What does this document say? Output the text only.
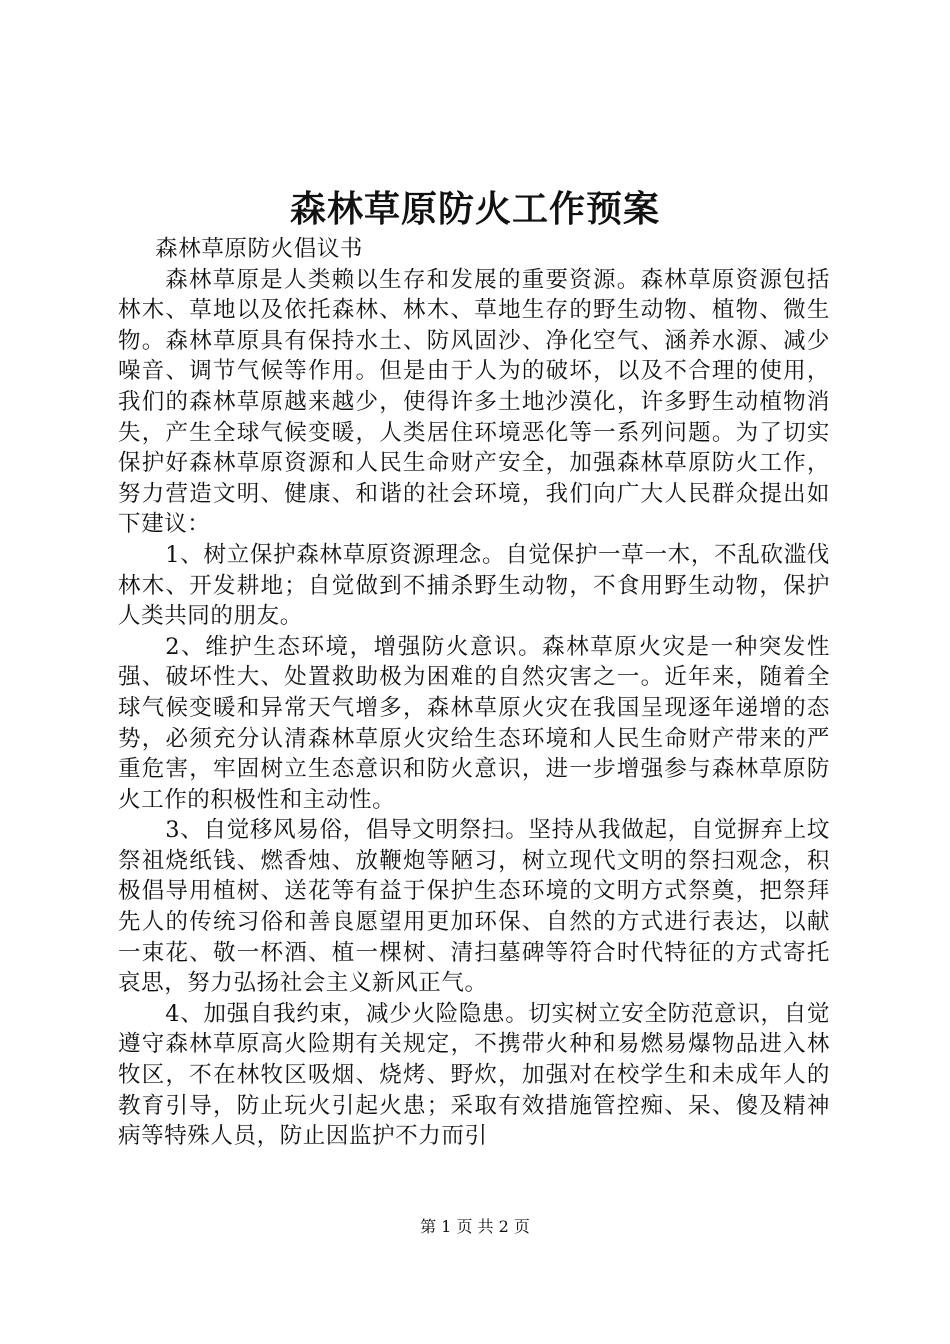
森林草原防火工作预案

森林草原防火倡议书

森林草原是人类赖以生存和发展的重要资源。森林草原资源包括林木、草地以及依托森林、林木、草地生存的野生动物、植物、微生物。森林草原具有保持水土、防风固沙、净化空气、涵养水源、减少噪音、调节气候等作用。但是由于人为的破坏，以及不合理的使用，我们的森林草原越来越少，使得许多土地沙漠化，许多野生动植物消失，产生全球气候变暖，人类居住环境恶化等一系列问题。为了切实保护好森林草原资源和人民生命财产安全，加强森林草原防火工作，努力营造文明、健康、和谐的社会环境，我们向广大人民群众提出如下建议：

1、树立保护森林草原资源理念。自觉保护一草一木，不乱砍滥伐林木、开发耕地；自觉做到不捕杀野生动物，不食用野生动物，保护人类共同的朋友。

2、维护生态环境，增强防火意识。森林草原火灾是一种突发性强、破坏性大、处置救助极为困难的自然灾害之一。近年来，随着全球气候变暖和异常天气增多，森林草原火灾在我国呈现逐年递增的态势，必须充分认清森林草原火灾给生态环境和人民生命财产带来的严重危害，牢固树立生态意识和防火意识，进一步增强参与森林草原防火工作的积极性和主动性。

3、自觉移风易俗，倡导文明祭扫。坚持从我做起，自觉摒弃上坟祭祖烧纸钱、燃香烛、放鞭炮等陋习，树立现代文明的祭扫观念，积极倡导用植树、送花等有益于保护生态环境的文明方式祭奠，把祭拜先人的传统习俗和善良愿望用更加环保、自然的方式进行表达，以献一束花、敬一杯酒、植一棵树、清扫墓碑等符合时代特征的方式寄托哀思，努力弘扬社会主义新风正气。

4、加强自我约束，减少火险隐患。切实树立安全防范意识，自觉遵守森林草原高火险期有关规定，不携带火种和易燃易爆物品进入林牧区，不在林牧区吸烟、烧烤、野炊，加强对在校学生和未成年人的教育引导，防止玩火引起火患；采取有效措施管控痴、呆、傻及精神病等特殊人员，防止因监护不力而引

第 1 页 共 2 页
